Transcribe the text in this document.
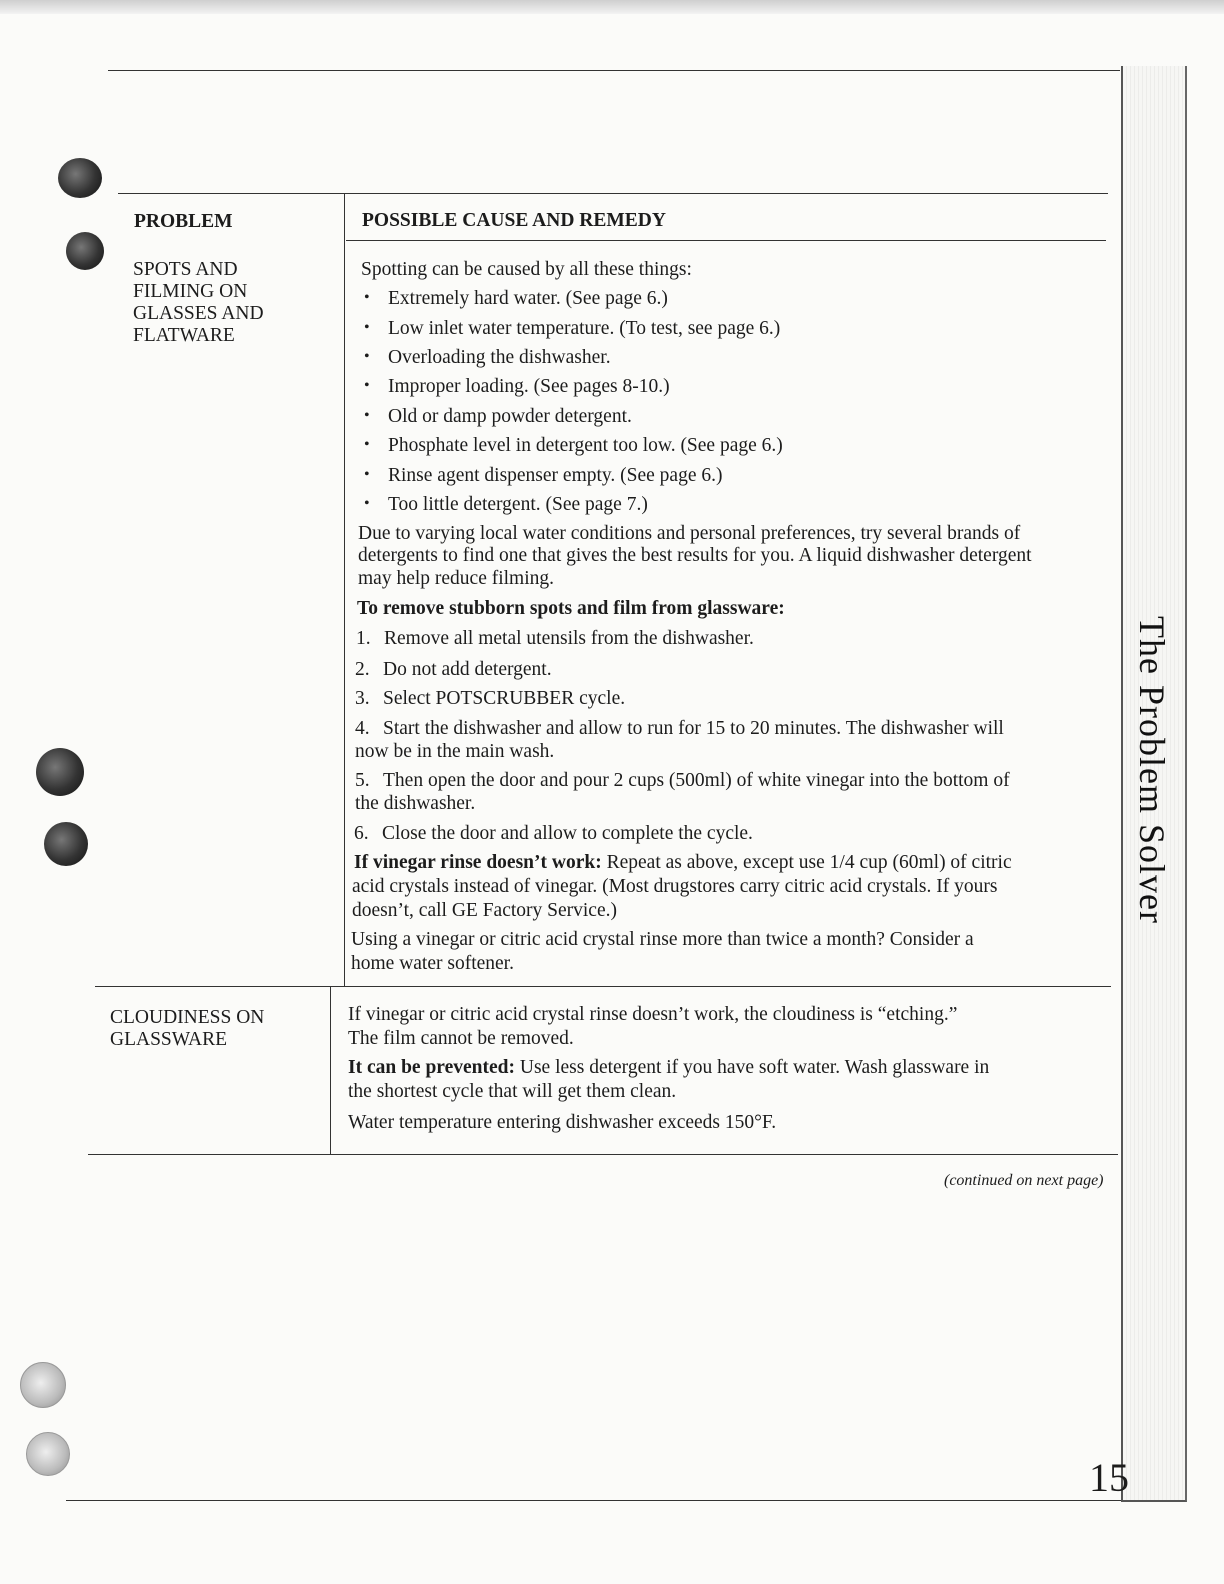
The Problem Solver
PROBLEM	POSSIBLE CAUSE AND REMEDY
SPOTS AND
FILMING ON
GLASSES AND
FLATWARE
Spotting can be caused by all these things:
• Extremely hard water. (See page 6.)
• Low inlet water temperature. (To test, see page 6.)
• Overloading the dishwasher.
• Improper loading. (See pages 8-10.)
• Old or damp powder detergent.
• Phosphate level in detergent too low. (See page 6.)
• Rinse agent dispenser empty. (See page 6.)
• Too little detergent. (See page 7.)
Due to varying local water conditions and personal preferences, try several brands of
detergents to find one that gives the best results for you. A liquid dishwasher detergent
may help reduce filming.
To remove stubborn spots and film from glassware:
1. Remove all metal utensils from the dishwasher.
2. Do not add detergent.
3. Select POTSCRUBBER cycle.
4. Start the dishwasher and allow to run for 15 to 20 minutes. The dishwasher will
now be in the main wash.
5. Then open the door and pour 2 cups (500ml) of white vinegar into the bottom of
the dishwasher.
6. Close the door and allow to complete the cycle.
If vinegar rinse doesn’t work: Repeat as above, except use 1/4 cup (60ml) of citric
acid crystals instead of vinegar. (Most drugstores carry citric acid crystals. If yours
doesn’t, call GE Factory Service.)
Using a vinegar or citric acid crystal rinse more than twice a month? Consider a
home water softener.
CLOUDINESS ON
GLASSWARE
If vinegar or citric acid crystal rinse doesn’t work, the cloudiness is “etching.”
The film cannot be removed.
It can be prevented: Use less detergent if you have soft water. Wash glassware in
the shortest cycle that will get them clean.
Water temperature entering dishwasher exceeds 150°F.
(continued on next page)
15
